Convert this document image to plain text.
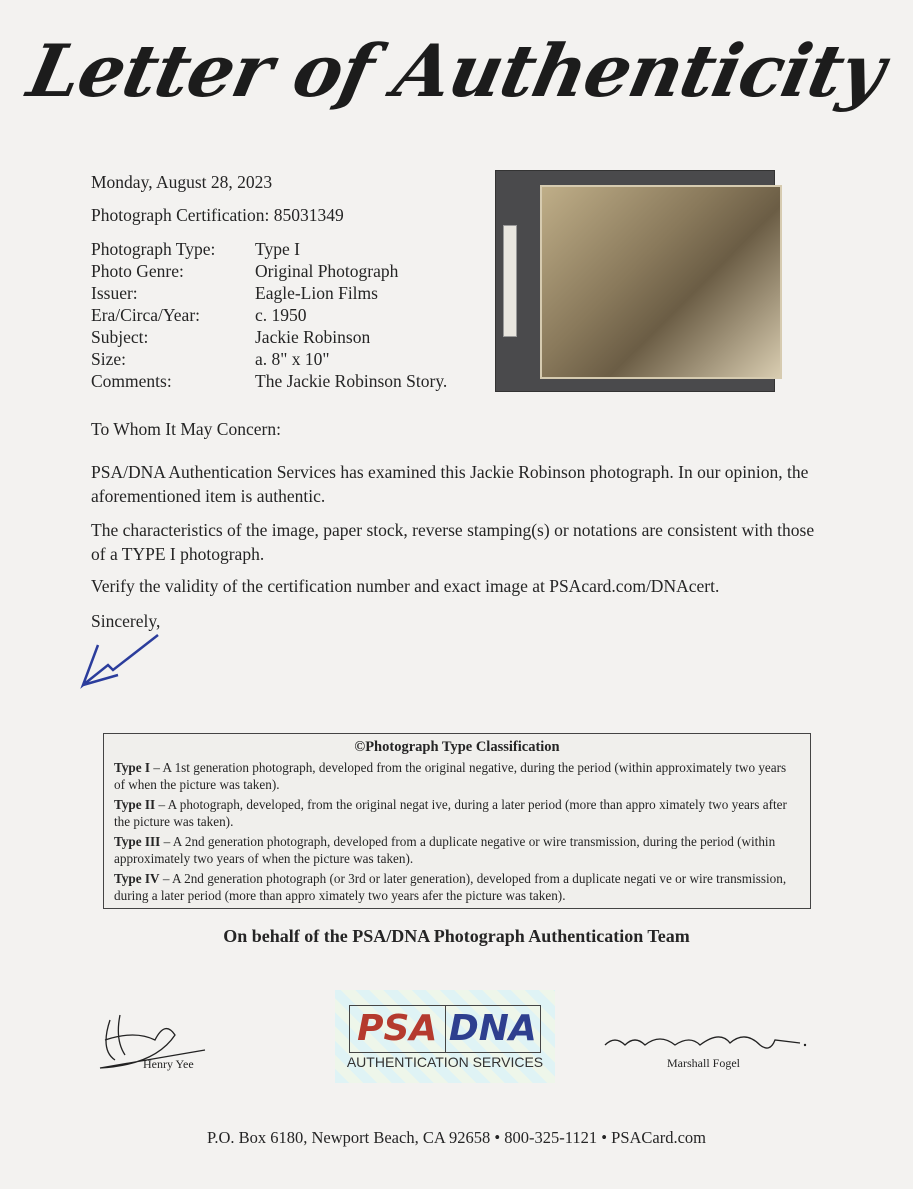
Letter of Authenticity
Monday, August 28, 2023
Photograph Certification: 85031349
Photograph Type:	Type I
Photo Genre:	Original Photograph
Issuer:	Eagle-Lion Films
Era/Circa/Year:	c. 1950
Subject:	Jackie Robinson
Size:	a. 8" x 10"
Comments:	The Jackie Robinson Story.
To Whom It May Concern:
PSA/DNA Authentication Services has examined this Jackie Robinson photograph. In our opinion, the aforementioned item is authentic.
The characteristics of the image, paper stock, reverse stamping(s) or notations are consistent with those of a TYPE I photograph.
Verify the validity of the certification number and exact image at PSAcard.com/DNAcert.
Sincerely,
©Photograph Type Classification

Type I – A 1st generation photograph, developed from the original negative, during the period (within approximately two years of when the picture was taken).

Type II – A photograph, developed, from the original negat ive, during a later period (more than appro ximately two years after the picture was taken).

Type III – A 2nd generation photograph, developed from a duplicate negative or wire transmission, during the period (within approximately two years of when the picture was taken).

Type IV – A 2nd generation photograph (or 3rd or later generation), developed from a duplicate negati ve or wire transmission, during a later period (more than appro ximately two years afer the picture was taken).

On behalf of the PSA/DNA Photograph Authentication Team
Henry Yee
PSA DNA
AUTHENTICATION SERVICES	Marshall Fogel
P.O. Box 6180, Newport Beach, CA 92658 • 800-325-1121 • PSACard.com
